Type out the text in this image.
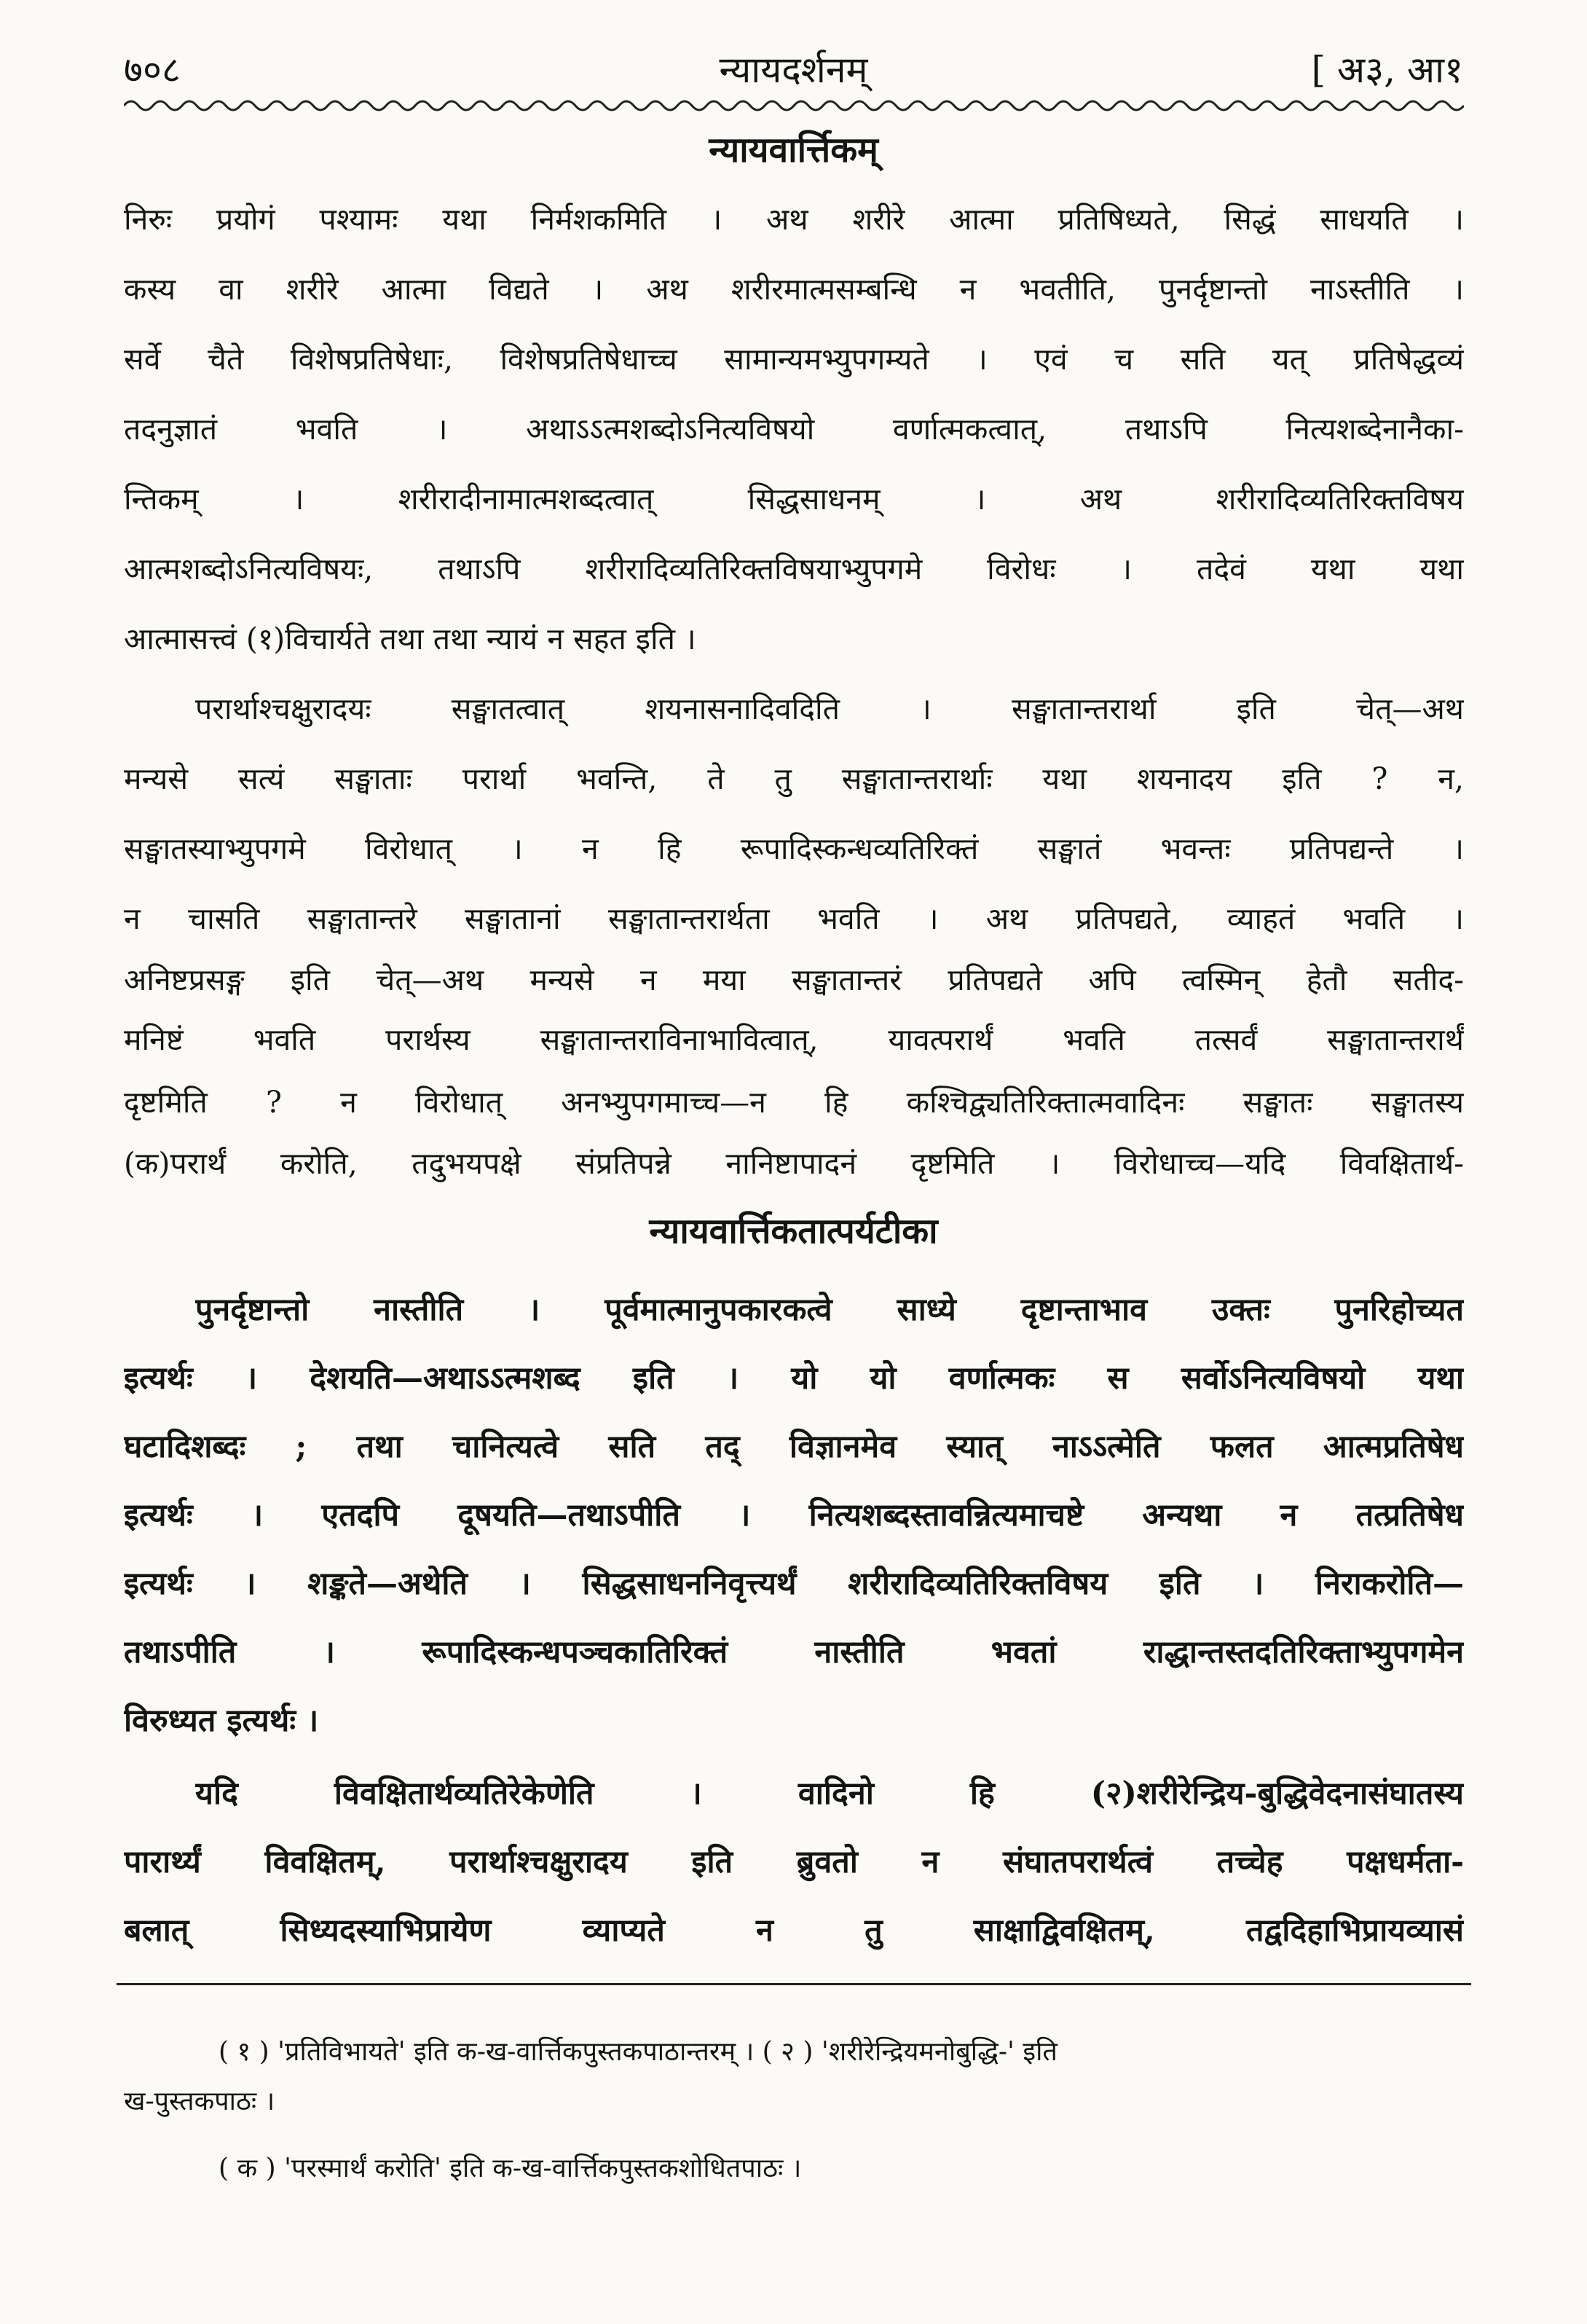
७०८	न्यायदर्शनम्	[ अ३, आ१
न्यायवार्त्तिकम्
निरुः प्रयोगं पश्यामः यथा निर्मशकमिति । अथ शरीरे आत्मा प्रतिषिध्यते, सिद्धं साधयति ।
कस्य वा शरीरे आत्मा विद्यते । अथ शरीरमात्मसम्बन्धि न भवतीति, पुनर्दृष्टान्तो नाऽस्तीति ।
सर्वे चैते विशेषप्रतिषेधाः, विशेषप्रतिषेधाच्च सामान्यमभ्युपगम्यते । एवं च सति यत् प्रतिषेद्धव्यं
तदनुज्ञातं भवति । अथाऽऽत्मशब्दोऽनित्यविषयो वर्णात्मकत्वात्, तथाऽपि नित्यशब्देनानैका-
न्तिकम् । शरीरादीनामात्मशब्दत्वात् सिद्धसाधनम् । अथ शरीरादिव्यतिरिक्तविषय
आत्मशब्दोऽनित्यविषयः, तथाऽपि शरीरादिव्यतिरिक्तविषयाभ्युपगमे विरोधः । तदेवं यथा यथा
आत्मासत्त्वं (१)विचार्यते तथा तथा न्यायं न सहत इति ।
परार्थाश्चक्षुरादयः सङ्घातत्वात् शयनासनादिवदिति । सङ्घातान्तरार्था इति चेत्—अथ
मन्यसे सत्यं सङ्घाताः परार्था भवन्ति, ते तु सङ्घातान्तरार्थाः यथा शयनादय इति ? न,
सङ्घातस्याभ्युपगमे विरोधात् । न हि रूपादिस्कन्धव्यतिरिक्तं सङ्घातं भवन्तः प्रतिपद्यन्ते ।
न चासति सङ्घातान्तरे सङ्घातानां सङ्घातान्तरार्थता भवति । अथ प्रतिपद्यते, व्याहतं भवति ।
अनिष्टप्रसङ्ग इति चेत्—अथ मन्यसे न मया सङ्घातान्तरं प्रतिपद्यते अपि त्वस्मिन् हेतौ सतीद-
मनिष्टं भवति परार्थस्य सङ्घातान्तराविनाभावित्वात्, यावत्परार्थं भवति तत्सर्वं सङ्घातान्तरार्थं
दृष्टमिति ? न विरोधात् अनभ्युपगमाच्च—न हि कश्चिद्व्यतिरिक्तात्मवादिनः सङ्घातः सङ्घातस्य
(क)परार्थं करोति, तदुभयपक्षे संप्रतिपन्ने नानिष्टापादनं दृष्टमिति । विरोधाच्च—यदि विवक्षितार्थ-
न्यायवार्त्तिकतात्पर्यटीका
पुनर्दृष्टान्तो नास्तीति । पूर्वमात्मानुपकारकत्वे साध्ये दृष्टान्ताभाव उक्तः पुनरिहोच्यत
इत्यर्थः । देशयति—अथाऽऽत्मशब्द इति । यो यो वर्णात्मकः स सर्वोऽनित्यविषयो यथा
घटादिशब्दः ; तथा चानित्यत्वे सति तद् विज्ञानमेव स्यात् नाऽऽत्मेति फलत आत्मप्रतिषेध
इत्यर्थः । एतदपि दूषयति—तथाऽपीति । नित्यशब्दस्तावन्नित्यमाचष्टे अन्यथा न तत्प्रतिषेध
इत्यर्थः । शङ्कते—अथेति । सिद्धसाधननिवृत्त्यर्थं शरीरादिव्यतिरिक्तविषय इति । निराकरोति—
तथाऽपीति । रूपादिस्कन्धपञ्चकातिरिक्तं नास्तीति भवतां राद्धान्तस्तदतिरिक्ताभ्युपगमेन
विरुध्यत इत्यर्थः ।
यदि विवक्षितार्थव्यतिरेकेणेति । वादिनो हि (२)शरीरेन्द्रिय-बुद्धिवेदनासंघातस्य
पारार्थ्यं विवक्षितम्, परार्थाश्चक्षुरादय इति ब्रुवतो न संघातपरार्थत्वं तच्चेह पक्षधर्मता-
बलात् सिध्यदस्याभिप्रायेण व्याप्यते न तु साक्षाद्विवक्षितम्, तद्वदिहाभिप्रायव्यासं
( १ ) 'प्रतिविभायते' इति क-ख-वार्त्तिकपुस्तकपाठान्तरम् । ( २ ) 'शरीरेन्द्रियमनोबुद्धि-' इति
ख-पुस्तकपाठः ।
( क ) 'परस्मार्थं करोति' इति क-ख-वार्त्तिकपुस्तकशोधितपाठः ।
